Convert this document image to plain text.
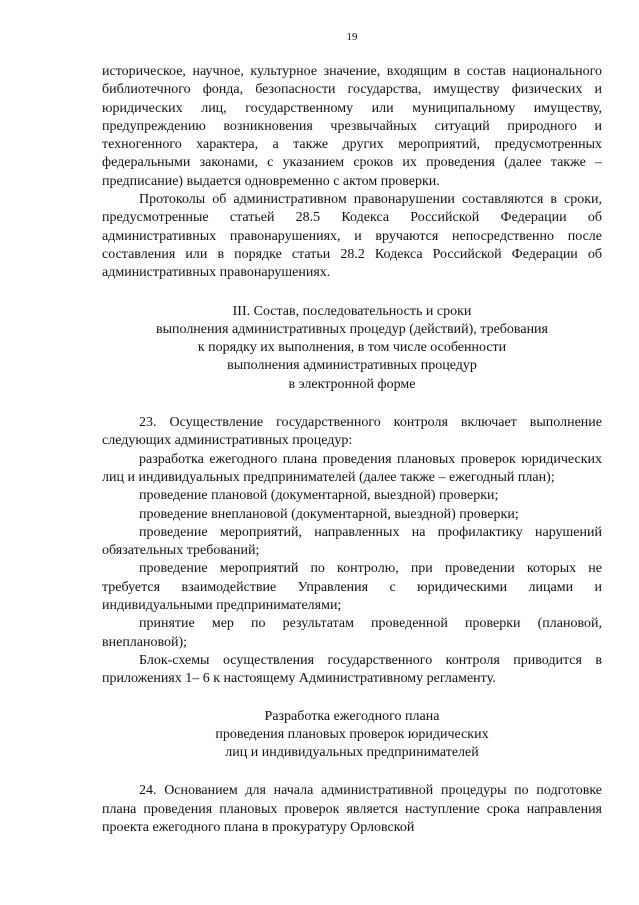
19

историческое, научное, культурное значение, входящим в состав национального библиотечного фонда, безопасности государства, имуществу физических и юридических лиц, государственному или муниципальному имуществу, предупреждению возникновения чрезвычайных ситуаций природного и техногенного характера, а также других мероприятий, предусмотренных федеральными законами, с указанием сроков их проведения (далее также – предписание) выдается одновременно с актом проверки.

Протоколы об административном правонарушении составляются в сроки, предусмотренные статьей 28.5 Кодекса Российской Федерации об административных правонарушениях, и вручаются непосредственно после составления или в порядке статьи 28.2 Кодекса Российской Федерации об административных правонарушениях.

III. Состав, последовательность и сроки
выполнения административных процедур (действий), требования
к порядку их выполнения, в том числе особенности
выполнения административных процедур
в электронной форме

23. Осуществление государственного контроля включает выполнение следующих административных процедур:

разработка ежегодного плана проведения плановых проверок юридических лиц и индивидуальных предпринимателей (далее также – ежегодный план);

проведение плановой (документарной, выездной) проверки;

проведение внеплановой (документарной, выездной) проверки;

проведение мероприятий, направленных на профилактику нарушений обязательных требований;

проведение мероприятий по контролю, при проведении которых не требуется взаимодействие Управления с юридическими лицами и индивидуальными предпринимателями;

принятие мер по результатам проведенной проверки (плановой, внеплановой);

Блок-схемы осуществления государственного контроля приводится в приложениях 1– 6 к настоящему Административному регламенту.

Разработка ежегодного плана
проведения плановых проверок юридических
лиц и индивидуальных предпринимателей

24. Основанием для начала административной процедуры по подготовке плана проведения плановых проверок является наступление срока направления проекта ежегодного плана в прокуратуру Орловской
